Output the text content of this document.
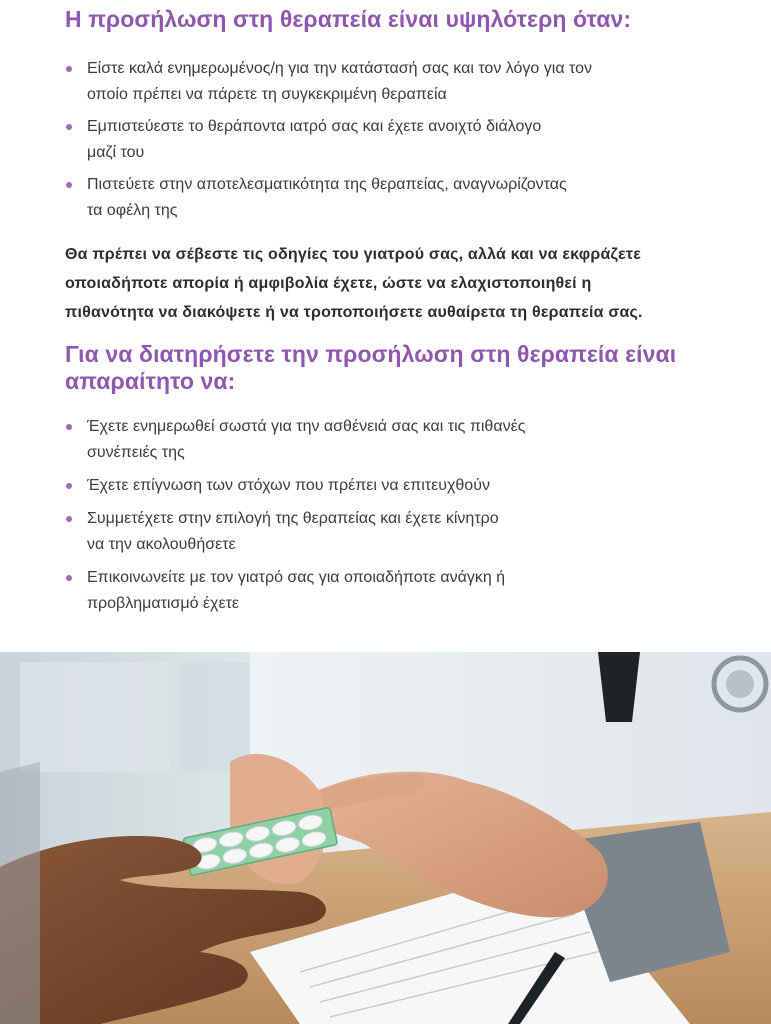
Η προσήλωση στη θεραπεία είναι υψηλότερη όταν:
Είστε καλά ενημερωμένος/η για την κατάστασή σας και τον λόγο για τον
οποίο πρέπει να πάρετε τη συγκεκριμένη θεραπεία
Εμπιστεύεστε το θεράποντα ιατρό σας και έχετε ανοιχτό διάλογο
μαζί του
Πιστεύετε στην αποτελεσματικότητα της θεραπείας, αναγνωρίζοντας
τα οφέλη της

Θα πρέπει να σέβεστε τις οδηγίες του γιατρού σας, αλλά και να εκφράζετε
οποιαδήποτε απορία ή αμφιβολία έχετε, ώστε να ελαχιστοποιηθεί η
πιθανότητα να διακόψετε ή να τροποποιήσετε αυθαίρετα τη θεραπεία σας.

Για να διατηρήσετε την προσήλωση στη θεραπεία είναι
απαραίτητο να:
Έχετε ενημερωθεί σωστά για την ασθένειά σας και τις πιθανές
συνέπειές της
Έχετε επίγνωση των στόχων που πρέπει να επιτευχθούν
Συμμετέχετε στην επιλογή της θεραπείας και έχετε κίνητρο
να την ακολουθήσετε
Επικοινωνείτε με τον γιατρό σας για οποιαδήποτε ανάγκη ή
προβληματισμό έχετε
